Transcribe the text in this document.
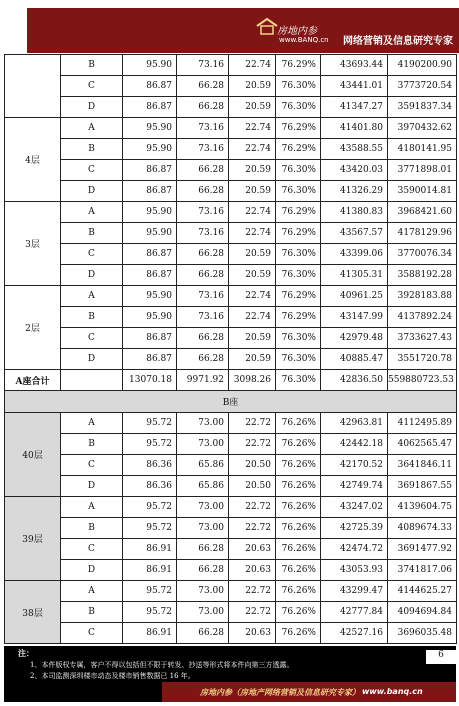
房地内参
www.BANQ.cn 网络营销及信息研究专家
	B	95.90	73.16	22.74	76.29%	43693.44	4190200.90
	C	86.87	66.28	20.59	76.30%	43441.01	3773720.54
	D	86.87	66.28	20.59	76.30%	41347.27	3591837.34
4层	A	95.90	73.16	22.74	76.29%	41401.80	3970432.62
	B	95.90	73.16	22.74	76.29%	43588.55	4180141.95
	C	86.87	66.28	20.59	76.30%	43420.03	3771898.01
	D	86.87	66.28	20.59	76.30%	41326.29	3590014.81
3层	A	95.90	73.16	22.74	76.29%	41380.83	3968421.60
	B	95.90	73.16	22.74	76.29%	43567.57	4178129.96
	C	86.87	66.28	20.59	76.30%	43399.06	3770076.34
	D	86.87	66.28	20.59	76.30%	41305.31	3588192.28
2层	A	95.90	73.16	22.74	76.29%	40961.25	3928183.88
	B	95.90	73.16	22.74	76.29%	43147.99	4137892.24
	C	86.87	66.28	20.59	76.30%	42979.48	3733627.43
	D	86.87	66.28	20.59	76.30%	40885.47	3551720.78
A座合计		13070.18	9971.92	3098.26	76.30%	42836.50	559880723.53
B座							
40层	A	95.72	73.00	22.72	76.26%	42963.81	4112495.89
	B	95.72	73.00	22.72	76.26%	42442.18	4062565.47
	C	86.36	65.86	20.50	76.26%	42170.52	3641846.11
	D	86.36	65.86	20.50	76.26%	42749.74	3691867.55
39层	A	95.72	73.00	22.72	76.26%	43247.02	4139604.75
	B	95.72	73.00	22.72	76.26%	42725.39	4089674.33
	C	86.91	66.28	20.63	76.26%	42474.72	3691477.92
	D	86.91	66.28	20.63	76.26%	43053.93	3741817.06
38层	A	95.72	73.00	22.72	76.26%	43299.47	4144625.27
	B	95.72	73.00	22.72	76.26%	42777.84	4094694.84
	C	86.91	66.28	20.63	76.26%	42527.16	3696035.48
注：
1、本件版权专属，客户不得以包括但不限于转发、抄送等形式将本件向第三方透露。
2、本司监测深圳楼市动态及楼市销售数据已 16 年。
6
房地内参（房地产网络营销及信息研究专家） www.banq.cn
